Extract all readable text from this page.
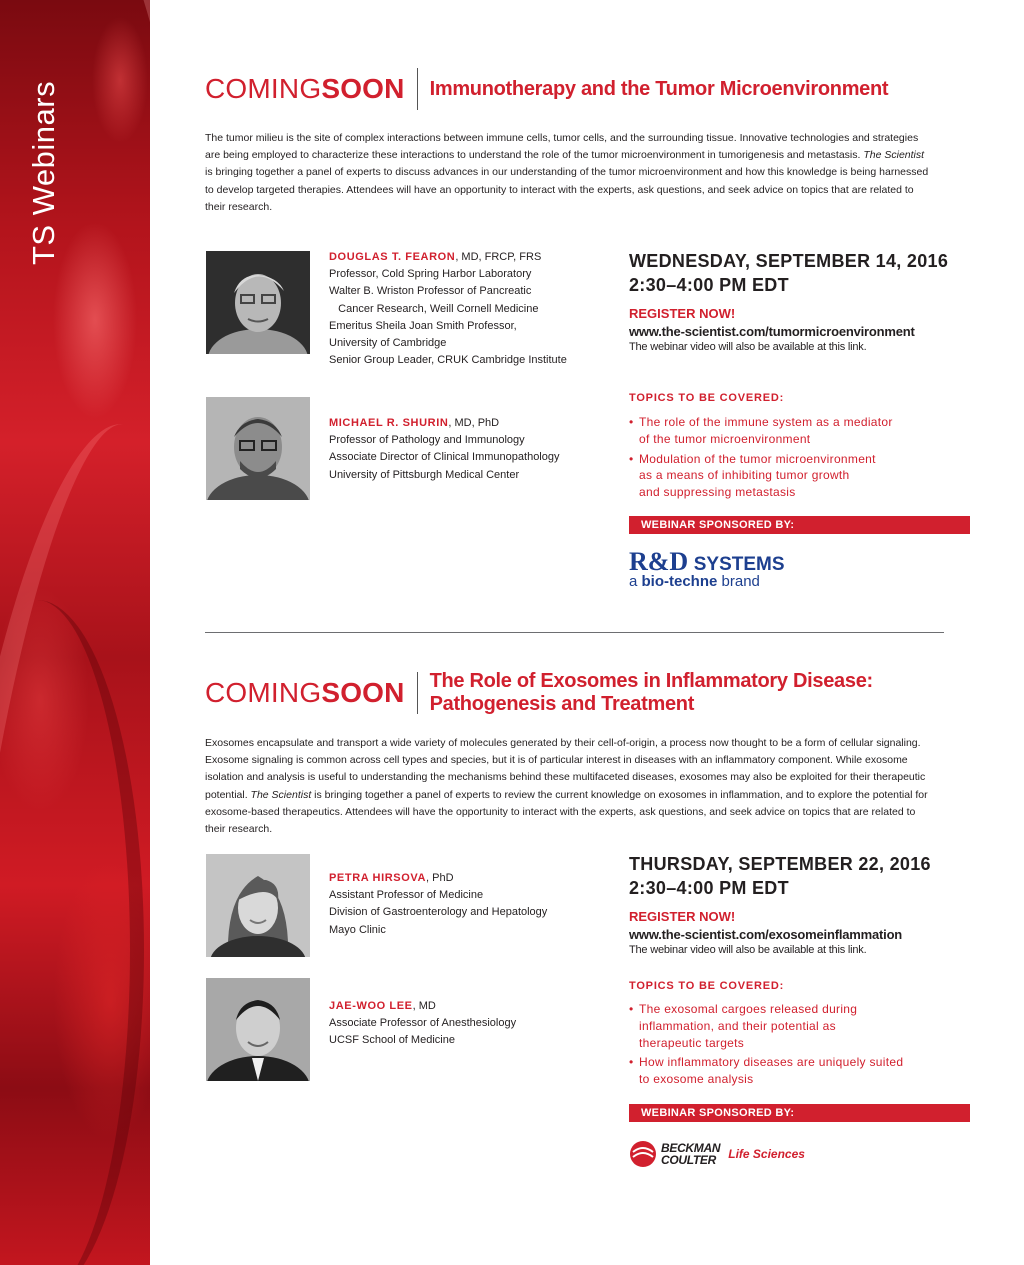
TS Webinars	COMINGSOON Immunotherapy and the Tumor Microenvironment
The tumor milieu is the site of complex interactions between immune cells, tumor cells, and the surrounding tissue. Innovative technologies and strategies are being employed to characterize these interactions to understand the role of the tumor microenvironment in tumorigenesis and metastasis. The Scientist is bringing together a panel of experts to discuss advances in our understanding of the tumor microenvironment and how this knowledge is being harnessed to develop targeted therapies. Attendees will have an opportunity to interact with the experts, ask questions, and seek advice on topics that are related to their research.
DOUGLAS T. FEARON, MD, FRCP, FRS
Professor, Cold Spring Harbor Laboratory
Walter B. Wriston Professor of Pancreatic
Cancer Research, Weill Cornell Medicine
Emeritus Sheila Joan Smith Professor,
University of Cambridge
Senior Group Leader, CRUK Cambridge Institute
MICHAEL R. SHURIN, MD, PhD
Professor of Pathology and Immunology
Associate Director of Clinical Immunopathology
University of Pittsburgh Medical Center
WEDNESDAY, SEPTEMBER 14, 2016
2:30–4:00 PM EDT
REGISTER NOW!
www.the-scientist.com/tumormicroenvironment
The webinar video will also be available at this link.
TOPICS TO BE COVERED:
• The role of the immune system as a mediator
of the tumor microenvironment
• Modulation of the tumor microenvironment
as a means of inhibiting tumor growth
and suppressing metastasis
WEBINAR SPONSORED BY:
R&D SYSTEMS
a bio-techne brand
COMINGSOON The Role of Exosomes in Inflammatory Disease:
Pathogenesis and Treatment
Exosomes encapsulate and transport a wide variety of molecules generated by their cell-of-origin, a process now thought to be a form of cellular signaling. Exosome signaling is common across cell types and species, but it is of particular interest in diseases with an inflammatory component. While exosome isolation and analysis is useful to understanding the mechanisms behind these multifaceted diseases, exosomes may also be exploited for their therapeutic potential. The Scientist is bringing together a panel of experts to review the current knowledge on exosomes in inflammation, and to explore the potential for exosome-based therapeutics. Attendees will have the opportunity to interact with the experts, ask questions, and seek advice on topics that are related to their research.
PETRA HIRSOVA, PhD
Assistant Professor of Medicine
Division of Gastroenterology and Hepatology
Mayo Clinic
JAE-WOO LEE, MD
Associate Professor of Anesthesiology
UCSF School of Medicine
THURSDAY, SEPTEMBER 22, 2016
2:30–4:00 PM EDT
REGISTER NOW!
www.the-scientist.com/exosomeinflammation
The webinar video will also be available at this link.
TOPICS TO BE COVERED:
• The exosomal cargoes released during
inflammation, and their potential as
therapeutic targets
• How inflammatory diseases are uniquely suited
to exosome analysis
WEBINAR SPONSORED BY:
BECKMAN
COULTER	Life Sciences
